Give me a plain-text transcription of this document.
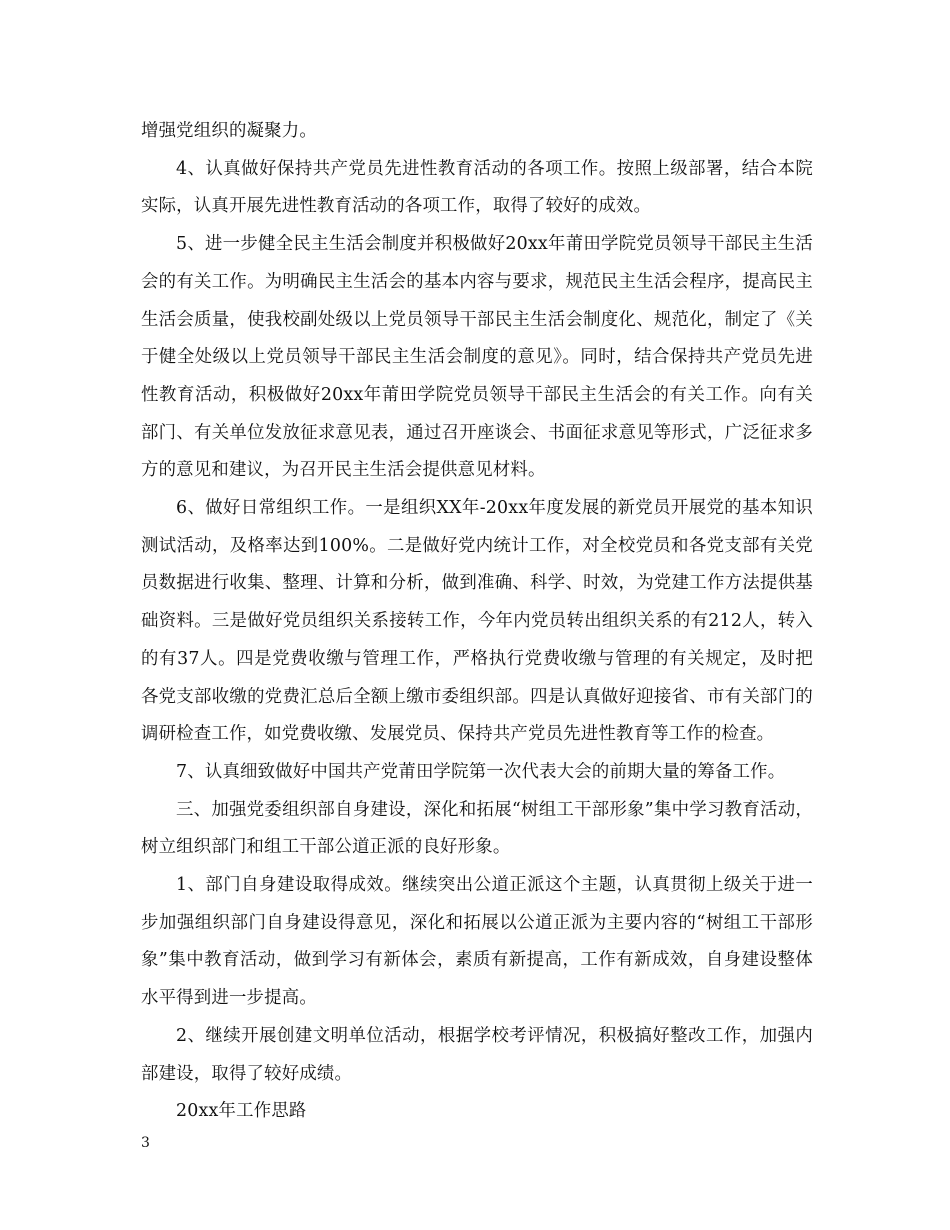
增强党组织的凝聚力。

4、认真做好保持共产党员先进性教育活动的各项工作。按照上级部署，结合本院实际，认真开展先进性教育活动的各项工作，取得了较好的成效。

5、进一步健全民主生活会制度并积极做好20xx年莆田学院党员领导干部民主生活会的有关工作。为明确民主生活会的基本内容与要求，规范民主生活会程序，提高民主生活会质量，使我校副处级以上党员领导干部民主生活会制度化、规范化，制定了《关于健全处级以上党员领导干部民主生活会制度的意见》。同时，结合保持共产党员先进性教育活动，积极做好20xx年莆田学院党员领导干部民主生活会的有关工作。向有关部门、有关单位发放征求意见表，通过召开座谈会、书面征求意见等形式，广泛征求多方的意见和建议，为召开民主生活会提供意见材料。

6、做好日常组织工作。一是组织XX年-20xx年度发展的新党员开展党的基本知识测试活动，及格率达到100%。二是做好党内统计工作，对全校党员和各党支部有关党员数据进行收集、整理、计算和分析，做到准确、科学、时效，为党建工作方法提供基础资料。三是做好党员组织关系接转工作，今年内党员转出组织关系的有212人，转入的有37人。四是党费收缴与管理工作，严格执行党费收缴与管理的有关规定，及时把各党支部收缴的党费汇总后全额上缴市委组织部。四是认真做好迎接省、市有关部门的调研检查工作，如党费收缴、发展党员、保持共产党员先进性教育等工作的检查。

7、认真细致做好中国共产党莆田学院第一次代表大会的前期大量的筹备工作。

三、加强党委组织部自身建设，深化和拓展“树组工干部形象”集中学习教育活动，树立组织部门和组工干部公道正派的良好形象。

1、部门自身建设取得成效。继续突出公道正派这个主题，认真贯彻上级关于进一步加强组织部门自身建设得意见，深化和拓展以公道正派为主要内容的“树组工干部形象”集中教育活动，做到学习有新体会，素质有新提高，工作有新成效，自身建设整体水平得到进一步提高。

2、继续开展创建文明单位活动，根据学校考评情况，积极搞好整改工作，加强内部建设，取得了较好成绩。

20xx年工作思路

3
